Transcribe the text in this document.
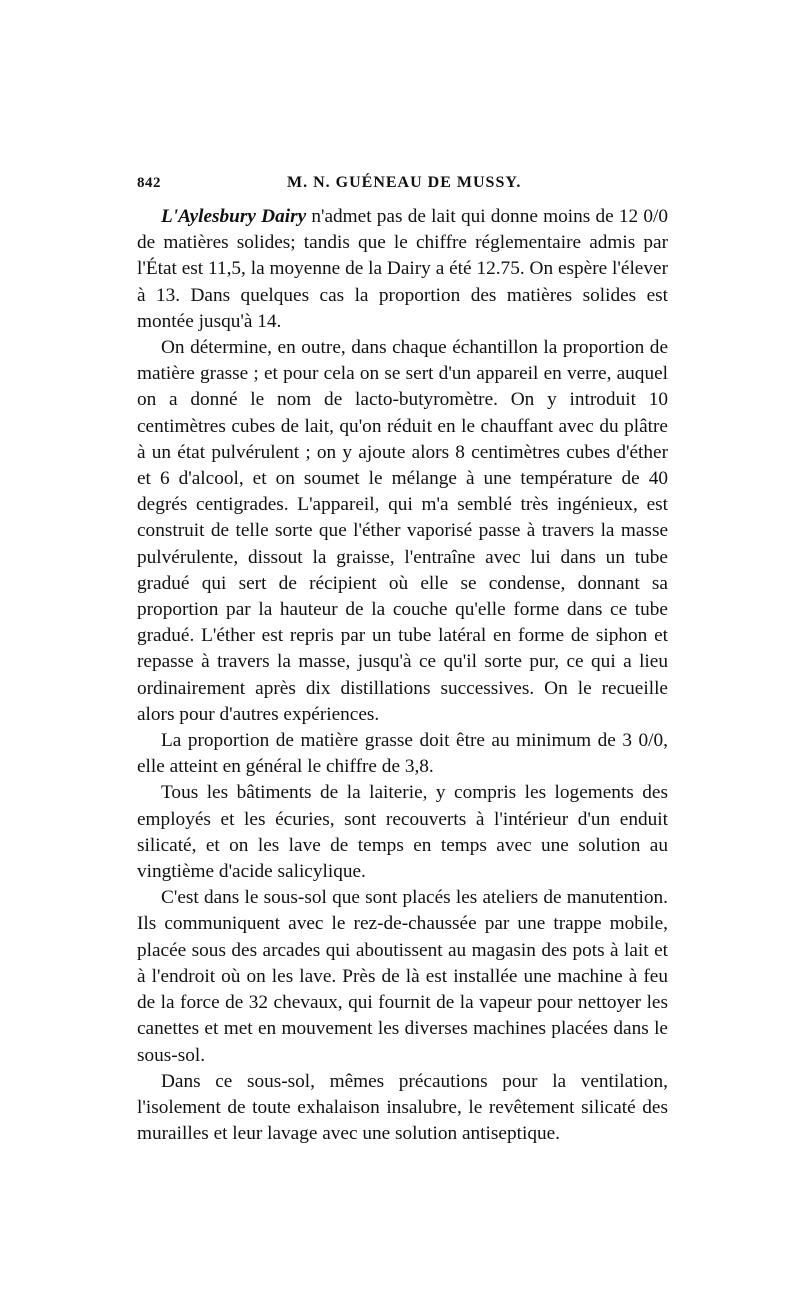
842	M. N. GUÉNEAU DE MUSSY.

L'Aylesbury Dairy n'admet pas de lait qui donne moins de 12 0/0 de matières solides; tandis que le chiffre réglementaire admis par l'État est 11,5, la moyenne de la Dairy a été 12.75. On espère l'élever à 13. Dans quelques cas la proportion des matières solides est montée jusqu'à 14.

On détermine, en outre, dans chaque échantillon la proportion de matière grasse ; et pour cela on se sert d'un appareil en verre, auquel on a donné le nom de lacto-butyromètre. On y introduit 10 centimètres cubes de lait, qu'on réduit en le chauffant avec du plâtre à un état pulvérulent ; on y ajoute alors 8 centimètres cubes d'éther et 6 d'alcool, et on soumet le mélange à une température de 40 degrés centigrades. L'appareil, qui m'a semblé très ingénieux, est construit de telle sorte que l'éther vaporisé passe à travers la masse pulvérulente, dissout la graisse, l'entraîne avec lui dans un tube gradué qui sert de récipient où elle se condense, donnant sa proportion par la hauteur de la couche qu'elle forme dans ce tube gradué. L'éther est repris par un tube latéral en forme de siphon et repasse à travers la masse, jusqu'à ce qu'il sorte pur, ce qui a lieu ordinairement après dix distillations successives. On le recueille alors pour d'autres expériences.

La proportion de matière grasse doit être au minimum de 3 0/0, elle atteint en général le chiffre de 3,8.

Tous les bâtiments de la laiterie, y compris les logements des employés et les écuries, sont recouverts à l'intérieur d'un enduit silicaté, et on les lave de temps en temps avec une solution au vingtième d'acide salicylique.

C'est dans le sous-sol que sont placés les ateliers de manutention. Ils communiquent avec le rez-de-chaussée par une trappe mobile, placée sous des arcades qui aboutissent au magasin des pots à lait et à l'endroit où on les lave. Près de là est installée une machine à feu de la force de 32 chevaux, qui fournit de la vapeur pour nettoyer les canettes et met en mouvement les diverses machines placées dans le sous-sol.

Dans ce sous-sol, mêmes précautions pour la ventilation, l'isolement de toute exhalaison insalubre, le revêtement silicaté des murailles et leur lavage avec une solution antiseptique.
